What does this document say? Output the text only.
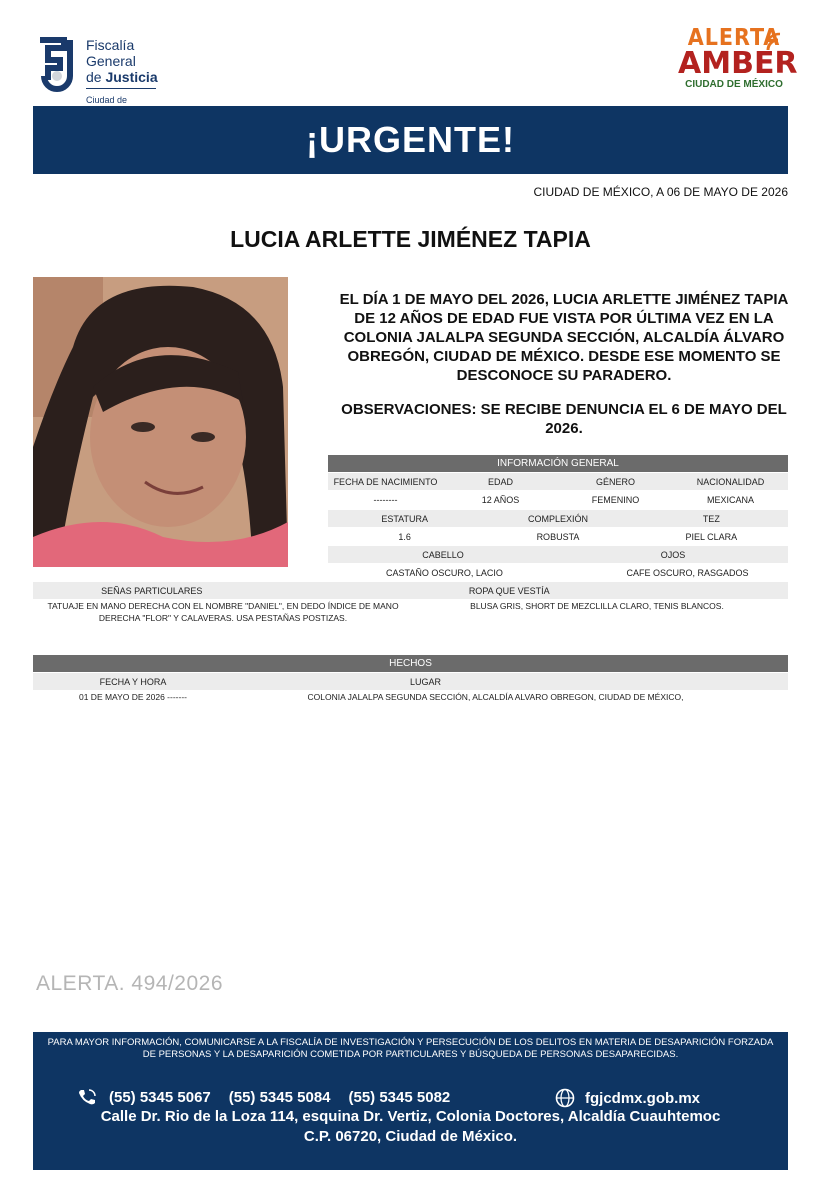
Fiscalía
General
de Justicia
Ciudad de
ALERTA
AMBER
CIUDAD DE MÉXICO
¡URGENTE!
CIUDAD DE MÉXICO, A 06 DE MAYO DE 2026
LUCIA ARLETTE JIMÉNEZ TAPIA
EL DÍA 1 DE MAYO DEL 2026, LUCIA ARLETTE JIMÉNEZ TAPIA DE 12 AÑOS DE EDAD FUE VISTA POR ÚLTIMA VEZ EN LA COLONIA JALALPA SEGUNDA SECCIÓN, ALCALDÍA ÁLVARO OBREGÓN, CIUDAD DE MÉXICO. DESDE ESE MOMENTO SE DESCONOCE SU PARADERO.
OBSERVACIONES: SE RECIBE DENUNCIA EL 6 DE MAYO DEL 2026.
INFORMACIÓN GENERAL
FECHA DE NACIMIENTO	EDAD	GÉNERO	NACIONALIDAD
--------	12 AÑOS	FEMENINO	MEXICANA
ESTATURA	COMPLEXIÓN	TEZ
1.6	ROBUSTA	PIEL CLARA
CABELLO	OJOS
CASTAÑO OSCURO, LACIO	CAFE OSCURO, RASGADOS
SEÑAS PARTICULARES	ROPA QUE VESTÍA
TATUAJE EN MANO DERECHA CON EL NOMBRE "DANIEL", EN DEDO ÍNDICE DE MANO DERECHA "FLOR" Y CALAVERAS. USA PESTAÑAS POSTIZAS.
BLUSA GRIS, SHORT DE MEZCLILLA CLARO, TENIS BLANCOS.
HECHOS
FECHA Y HORA	LUGAR
01 DE MAYO DE 2026 -------	COLONIA JALALPA SEGUNDA SECCIÓN, ALCALDÍA ALVARO OBREGON, CIUDAD DE MÉXICO,
ALERTA. 494/2026
PARA MAYOR INFORMACIÓN, COMUNICARSE A LA FISCALÍA DE INVESTIGACIÓN Y PERSECUCIÓN DE LOS DELITOS EN MATERIA DE DESAPARICIÓN FORZADA DE PERSONAS Y LA DESAPARICIÓN COMETIDA POR PARTICULARES Y BÚSQUEDA DE PERSONAS DESAPARECIDAS.
(55) 5345 5067 (55) 5345 5084 (55) 5345 5082	fgjcdmx.gob.mx
Calle Dr. Rio de la Loza 114, esquina Dr. Vertiz, Colonia Doctores, Alcaldía Cuauhtemoc
C.P. 06720, Ciudad de México.
